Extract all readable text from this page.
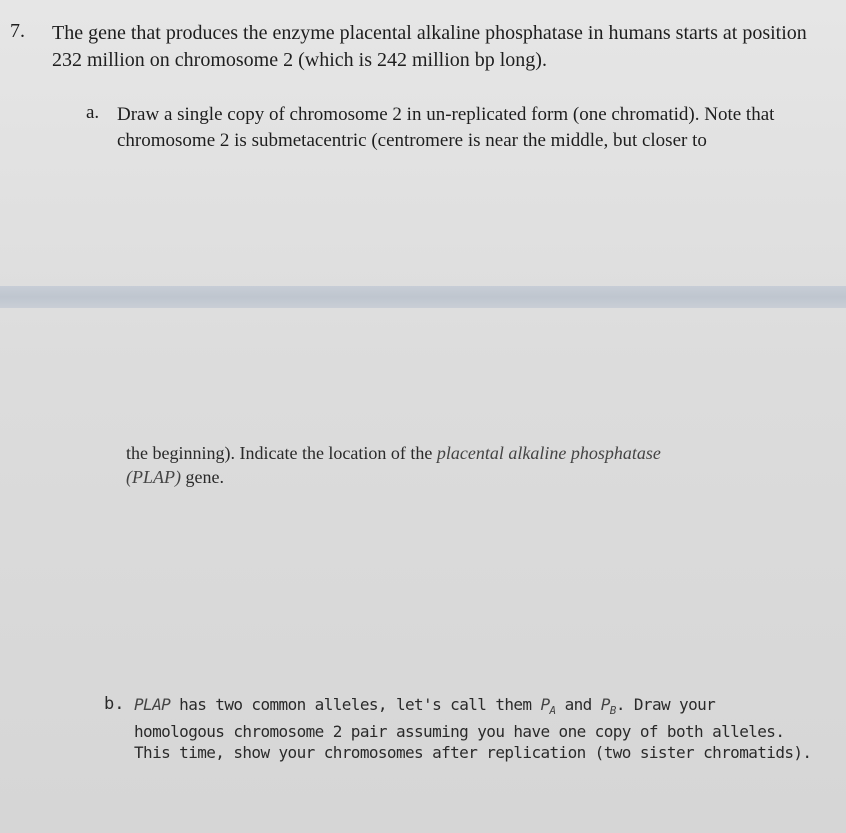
7. The gene that produces the enzyme placental alkaline phosphatase in humans starts at position 232 million on chromosome 2 (which is 242 million bp long).
a. Draw a single copy of chromosome 2 in un-replicated form (one chromatid). Note that chromosome 2 is submetacentric (centromere is near the middle, but closer to
the beginning). Indicate the location of the placental alkaline phosphatase
(PLAP) gene.
b. PLAP has two common alleles, let's call them $P_A$ and $P_B$. Draw your homologous chromosome 2 pair assuming you have one copy of both alleles. This time, show your chromosomes after replication (two sister chromatids).
